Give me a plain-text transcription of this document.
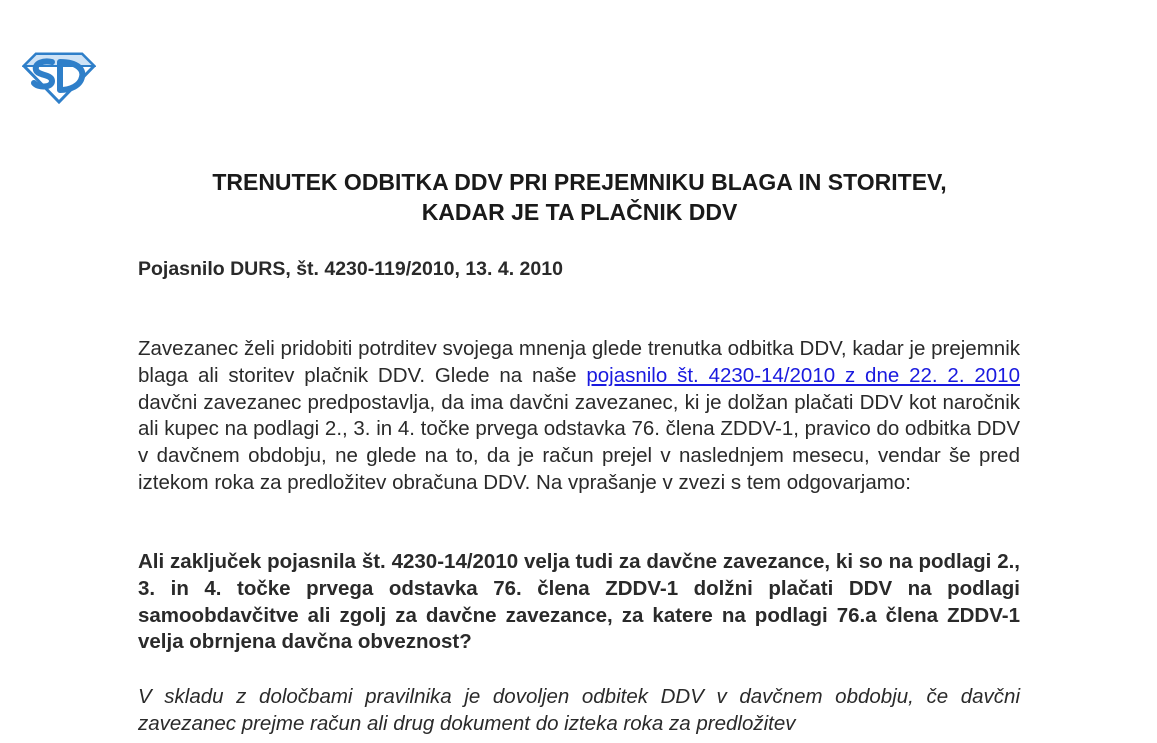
TRENUTEK ODBITKA DDV PRI PREJEMNIKU BLAGA IN STORITEV,
KADAR JE TA PLAČNIK DDV

Pojasnilo DURS, št. 4230-119/2010, 13. 4. 2010

Zavezanec želi pridobiti potrditev svojega mnenja glede trenutka odbitka DDV, kadar je prejemnik blaga ali storitev plačnik DDV. Glede na naše pojasnilo št. 4230-14/2010 z dne 22. 2. 2010 davčni zavezanec predpostavlja, da ima davčni zavezanec, ki je dolžan plačati DDV kot naročnik ali kupec na podlagi 2., 3. in 4. točke prvega odstavka 76. člena ZDDV-1, pravico do odbitka DDV v davčnem obdobju, ne glede na to, da je račun prejel v naslednjem mesecu, vendar še pred iztekom roka za predložitev obračuna DDV. Na vprašanje v zvezi s tem odgovarjamo:

Ali zaključek pojasnila št. 4230-14/2010 velja tudi za davčne zavezance, ki so na podlagi 2., 3. in 4. točke prvega odstavka 76. člena ZDDV-1 dolžni plačati DDV na podlagi samoobdavčitve ali zgolj za davčne zavezance, za katere na podlagi 76.a člena ZDDV-1 velja obrnjena davčna obveznost?

V skladu z določbami pravilnika je dovoljen odbitek DDV v davčnem obdobju, če davčni zavezanec prejme račun ali drug dokument do izteka roka za predložitev
